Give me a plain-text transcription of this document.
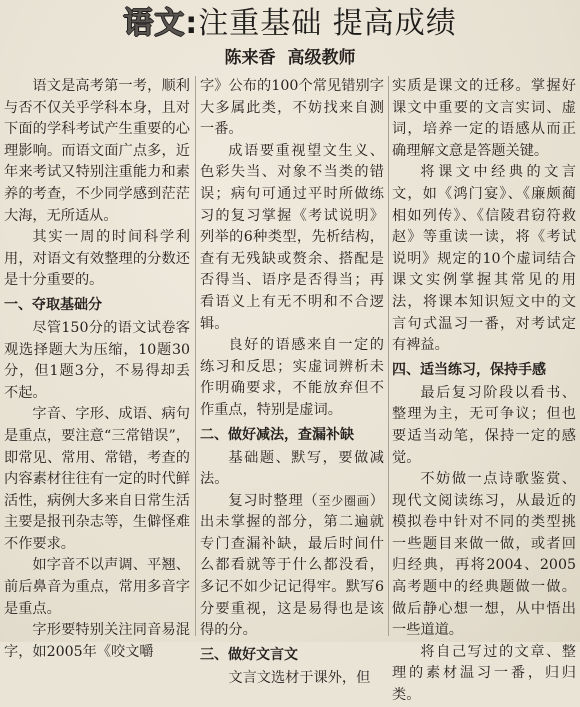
语文:注重基础 提高成绩
陈来香 高级教师

语文是高考第一考，顺利与否不仅关乎学科本身，且对下面的学科考试产生重要的心理影响。而语文面广点多，近年来考试又特别注重能力和素养的考查，不少同学感到茫茫大海，无所适从。

其实一周的时间科学利用，对语文有效整理的分数还是十分重要的。

一、夺取基础分

尽管150分的语文试卷客观选择题大为压缩，10题30分，但1题3分，不易得却丢不起。

字音、字形、成语、病句是重点，要注意“三常错误”，即常见、常用、常错，考查的内容素材往往有一定的时代鲜活性，病例大多来自日常生活主要是报刊杂志等，生僻怪难不作要求。

如字音不以声调、平翘、前后鼻音为重点，常用多音字是重点。

字形要特别关注同音易混字，如2005年《咬文嚼

字》公布的100个常见错别字大多属此类，不妨找来自测一番。

成语要重视望文生义、色彩失当、对象不当类的错误；病句可通过平时所做练习的复习掌握《考试说明》列举的6种类型，先析结构，查有无残缺或赘余、搭配是否得当、语序是否得当；再看语义上有无不明和不合逻辑。

良好的语感来自一定的练习和反思；实虚词辨析未作明确要求，不能放弃但不作重点，特别是虚词。

二、做好减法，查漏补缺

基础题、默写，要做减法。

复习时整理（至少圈画）出未掌握的部分，第二遍就专门查漏补缺，最后时间什么都看就等于什么都没看，多记不如少记记得牢。默写6分要重视，这是易得也是该得的分。

三、做好文言文

文言文选材于课外，但

实质是课文的迁移。掌握好课文中重要的文言实词、虚词，培养一定的语感从而正确理解文意是答题关键。

将课文中经典的文言文，如《鸿门宴》、《廉颇蔺相如列传》、《信陵君窃符救赵》等重读一读，将《考试说明》规定的10个虚词结合课文实例掌握其常见的用法，将课本知识短文中的文言句式温习一番，对考试定有裨益。

四、适当练习，保持手感

最后复习阶段以看书、整理为主，无可争议；但也要适当动笔，保持一定的感觉。

不妨做一点诗歌鉴赏、现代文阅读练习，从最近的模拟卷中针对不同的类型挑一些题目来做一做，或者回归经典，再将2004、2005高考题中的经典题做一做。做后静心想一想，从中悟出一些道道。

将自己写过的文章、整理的素材温习一番，归归类。
